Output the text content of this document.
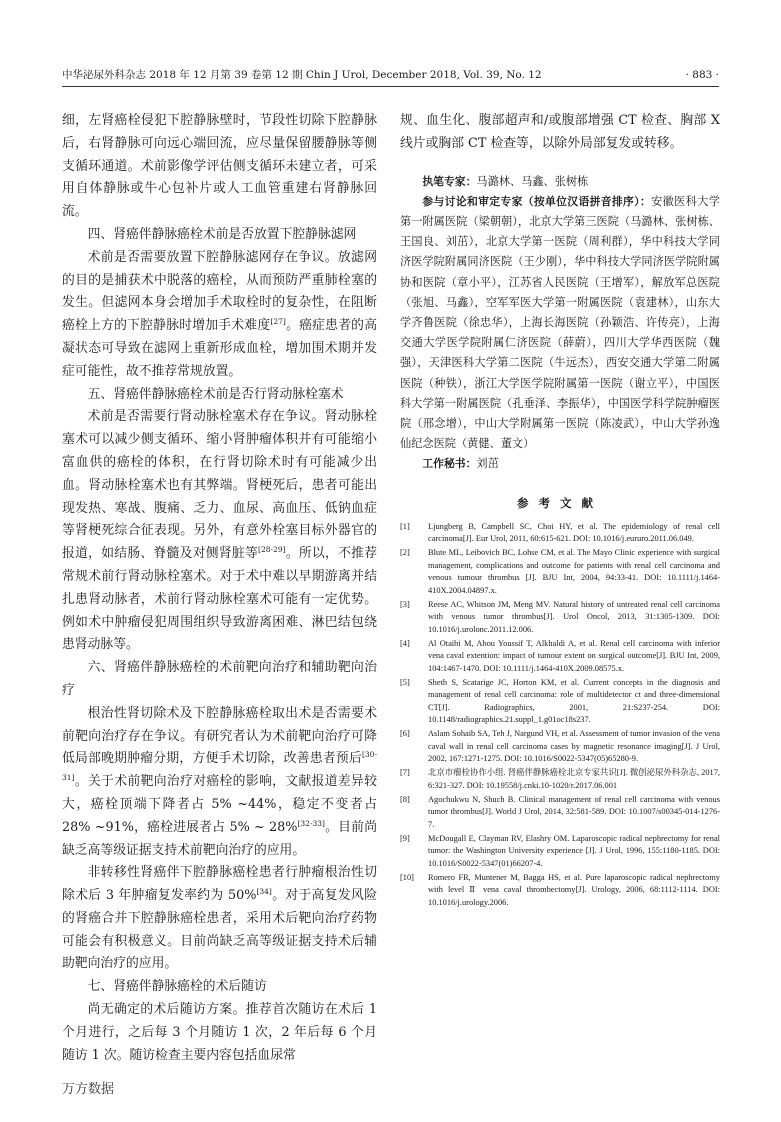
中华泌尿外科杂志 2018 年 12 月第 39 卷第 12 期 Chin J Urol, December 2018, Vol. 39, No. 12	· 883 ·

细，左肾癌栓侵犯下腔静脉壁时，节段性切除下腔静脉后，右肾静脉可向远心端回流，应尽量保留腰静脉等侧支循环通道。术前影像学评估侧支循环未建立者，可采用自体静脉或牛心包补片或人工血管重建右肾静脉回流。

四、肾癌伴静脉癌栓术前是否放置下腔静脉滤网

术前是否需要放置下腔静脉滤网存在争议。放滤网的目的是捕获术中脱落的癌栓，从而预防严重肺栓塞的发生。但滤网本身会增加手术取栓时的复杂性，在阻断癌栓上方的下腔静脉时增加手术难度[27]。癌症患者的高凝状态可导致在滤网上重新形成血栓，增加围术期并发症可能性，故不推荐常规放置。

五、肾癌伴静脉癌栓术前是否行肾动脉栓塞术

术前是否需要行肾动脉栓塞术存在争议。肾动脉栓塞术可以减少侧支循环、缩小肾肿瘤体积并有可能缩小富血供的癌栓的体积，在行肾切除术时有可能减少出血。肾动脉栓塞术也有其弊端。肾梗死后，患者可能出现发热、寒战、腹痛、乏力、血尿、高血压、低钠血症等肾梗死综合征表现。另外，有意外栓塞目标外器官的报道，如结肠、脊髓及对侧肾脏等[28-29]。所以，不推荐常规术前行肾动脉栓塞术。对于术中难以早期游离并结扎患肾动脉者，术前行肾动脉栓塞术可能有一定优势。例如术中肿瘤侵犯周围组织导致游离困难、淋巴结包绕患肾动脉等。

六、肾癌伴静脉癌栓的术前靶向治疗和辅助靶向治疗

根治性肾切除术及下腔静脉癌栓取出术是否需要术前靶向治疗存在争议。有研究者认为术前靶向治疗可降低局部晚期肿瘤分期，方便手术切除，改善患者预后[30-31]。关于术前靶向治疗对癌栓的影响，文献报道差异较大，癌栓顶端下降者占 5% ~44%，稳定不变者占 28% ~91%，癌栓进展者占 5% ~ 28%[32-33]。目前尚缺乏高等级证据支持术前靶向治疗的应用。

非转移性肾癌伴下腔静脉癌栓患者行肿瘤根治性切除术后 3 年肿瘤复发率约为 50%[34]。对于高复发风险的肾癌合并下腔静脉癌栓患者，采用术后靶向治疗药物可能会有积极意义。目前尚缺乏高等级证据支持术后辅助靶向治疗的应用。

七、肾癌伴静脉癌栓的术后随访

尚无确定的术后随访方案。推荐首次随访在术后 1 个月进行，之后每 3 个月随访 1 次，2 年后每 6 个月随访 1 次。随访检查主要内容包括血尿常

规、血生化、腹部超声和/或腹部增强 CT 检查、胸部 X 线片或胸部 CT 检查等，以除外局部复发或转移。

执笔专家：马潞林、马鑫、张树栋

参与讨论和审定专家（按单位汉语拼音排序）：安徽医科大学第一附属医院（梁朝朝），北京大学第三医院（马潞林、张树栋、王国良、刘茁），北京大学第一医院（周利群），华中科技大学同济医学院附属同济医院（王少刚），华中科技大学同济医学院附属协和医院（章小平），江苏省人民医院（王增军），解放军总医院（张旭、马鑫），空军军医大学第一附属医院（袁建林），山东大学齐鲁医院（徐忠华），上海长海医院（孙颖浩、许传亮），上海交通大学医学院附属仁济医院（薛蔚），四川大学华西医院（魏强），天津医科大学第二医院（牛远杰），西安交通大学第二附属医院（种铁），浙江大学医学院附属第一医院（谢立平），中国医科大学第一附属医院（孔垂泽、李振华），中国医学科学院肿瘤医院（邢念增），中山大学附属第一医院（陈凌武），中山大学孙逸仙纪念医院（黄健、董文）

工作秘书：刘茁

参考文献
[1] Ljungberg B, Campbell SC, Choi HY, et al. The epidemiology of renal cell carcinoma[J]. Eur Urol, 2011, 60:615-621. DOI: 10.1016/j.eururo.2011.06.049.
[2] Blute ML, Leibovich BC, Lohse CM, et al. The Mayo Clinic experience with surgical management, complications and outcome for patients with renal cell carcinoma and venous tumour thrombus [J]. BJU Int, 2004, 94:33-41. DOI: 10.1111/j.1464-410X.2004.04897.x.
[3] Reese AC, Whitson JM, Meng MV. Natural history of untreated renal cell carcinoma with venous tumor thrombus[J]. Urol Oncol, 2013, 31:1305-1309. DOI: 10.1016/j.urolonc.2011.12.006.
[4] Al Otaibi M, Abou Youssif T, Alkhaldi A, et al. Renal cell carcinoma with inferior vena caval extention: impact of tumour extent on surgical outcome[J]. BJU Int, 2009, 104:1467-1470. DOI: 10.1111/j.1464-410X.2009.08575.x.
[5] Sheth S, Scatarige JC, Horton KM, et al. Current concepts in the diagnosis and management of renal cell carcinoma: role of multidetector ct and three-dimensional CT[J]. Radiographics, 2001, 21:S237-254. DOI: 10.1148/radiographics.21.suppl_1.g01oc18s237.
[6] Aslam Sohaib SA, Teh J, Nargund VH, et al. Assessment of tumor invasion of the vena caval wall in renal cell carcinoma cases by magnetic resonance imaging[J]. J Urol, 2002, 167:1271-1275. DOI: 10.1016/S0022-5347(05)65280-9.
[7] 北京市瘤栓协作小组. 肾癌伴静脉癌栓北京专家共识[J]. 微创泌尿外科杂志, 2017, 6:321-327. DOI: 10.19558/j.cnki.10-1020/r.2017.06.001
[8] Agochukwu N, Shuch B. Clinical management of renal cell carcinoma with venous tumor thrombus[J]. World J Urol, 2014, 32:581-589. DOI: 10.1007/s00345-014-1276-7.
[9] McDougall E, Clayman RV, Elashry OM. Laparoscopic radical nephrectomy for renal tumor: the Washington University experience [J]. J Urol, 1996, 155:1180-1185. DOI: 10.1016/S0022-5347(01)66207-4.
[10] Romero FR, Muntener M, Bagga HS, et al. Pure laparoscopic radical nephrectomy with level Ⅱ vena caval thrombectomy[J]. Urology, 2006, 68:1112-1114. DOI: 10.1016/j.urology.2006.
万方数据
